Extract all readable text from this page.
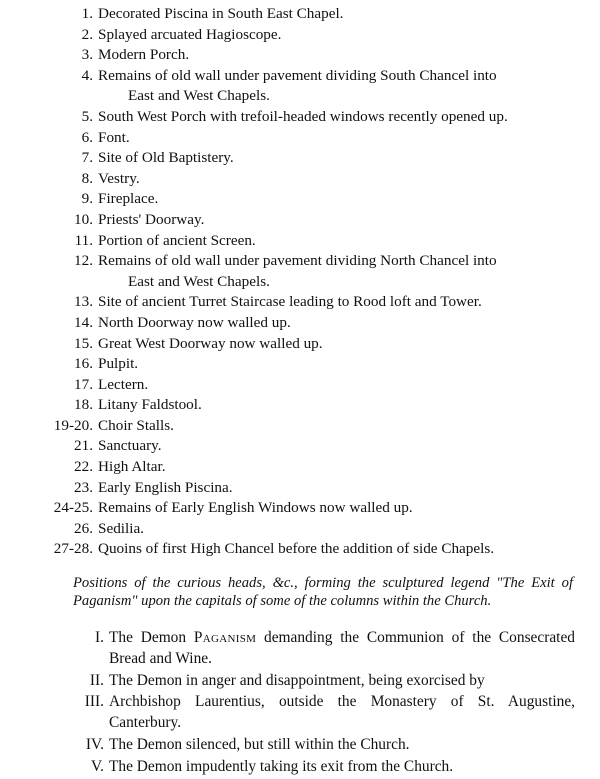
1. Decorated Piscina in South East Chapel.
2. Splayed arcuated Hagioscope.
3. Modern Porch.
4. Remains of old wall under pavement dividing South Chancel into
East and West Chapels.
5. South West Porch with trefoil-headed windows recently opened up.
6. Font.
7. Site of Old Baptistery.
8. Vestry.
9. Fireplace.
10. Priests' Doorway.
11. Portion of ancient Screen.
12. Remains of old wall under pavement dividing North Chancel into
East and West Chapels.
13. Site of ancient Turret Staircase leading to Rood loft and Tower.
14. North Doorway now walled up.
15. Great West Doorway now walled up.
16. Pulpit.
17. Lectern.
18. Litany Faldstool.
19-20. Choir Stalls.
21. Sanctuary.
22. High Altar.
23. Early English Piscina.
24-25. Remains of Early English Windows now walled up.
26. Sedilia.
27-28. Quoins of first High Chancel before the addition of side Chapels.
Positions of the curious heads, &c., forming the sculptured legend "The Exit of Paganism" upon the capitals of some of the columns within the Church.
I. The Demon Paganism demanding the Communion of the Consecrated Bread and Wine.
II. The Demon in anger and disappointment, being exorcised by
III. Archbishop Laurentius, outside the Monastery of St. Augustine, Canterbury.
IV. The Demon silenced, but still within the Church.
V. The Demon impudently taking its exit from the Church.
